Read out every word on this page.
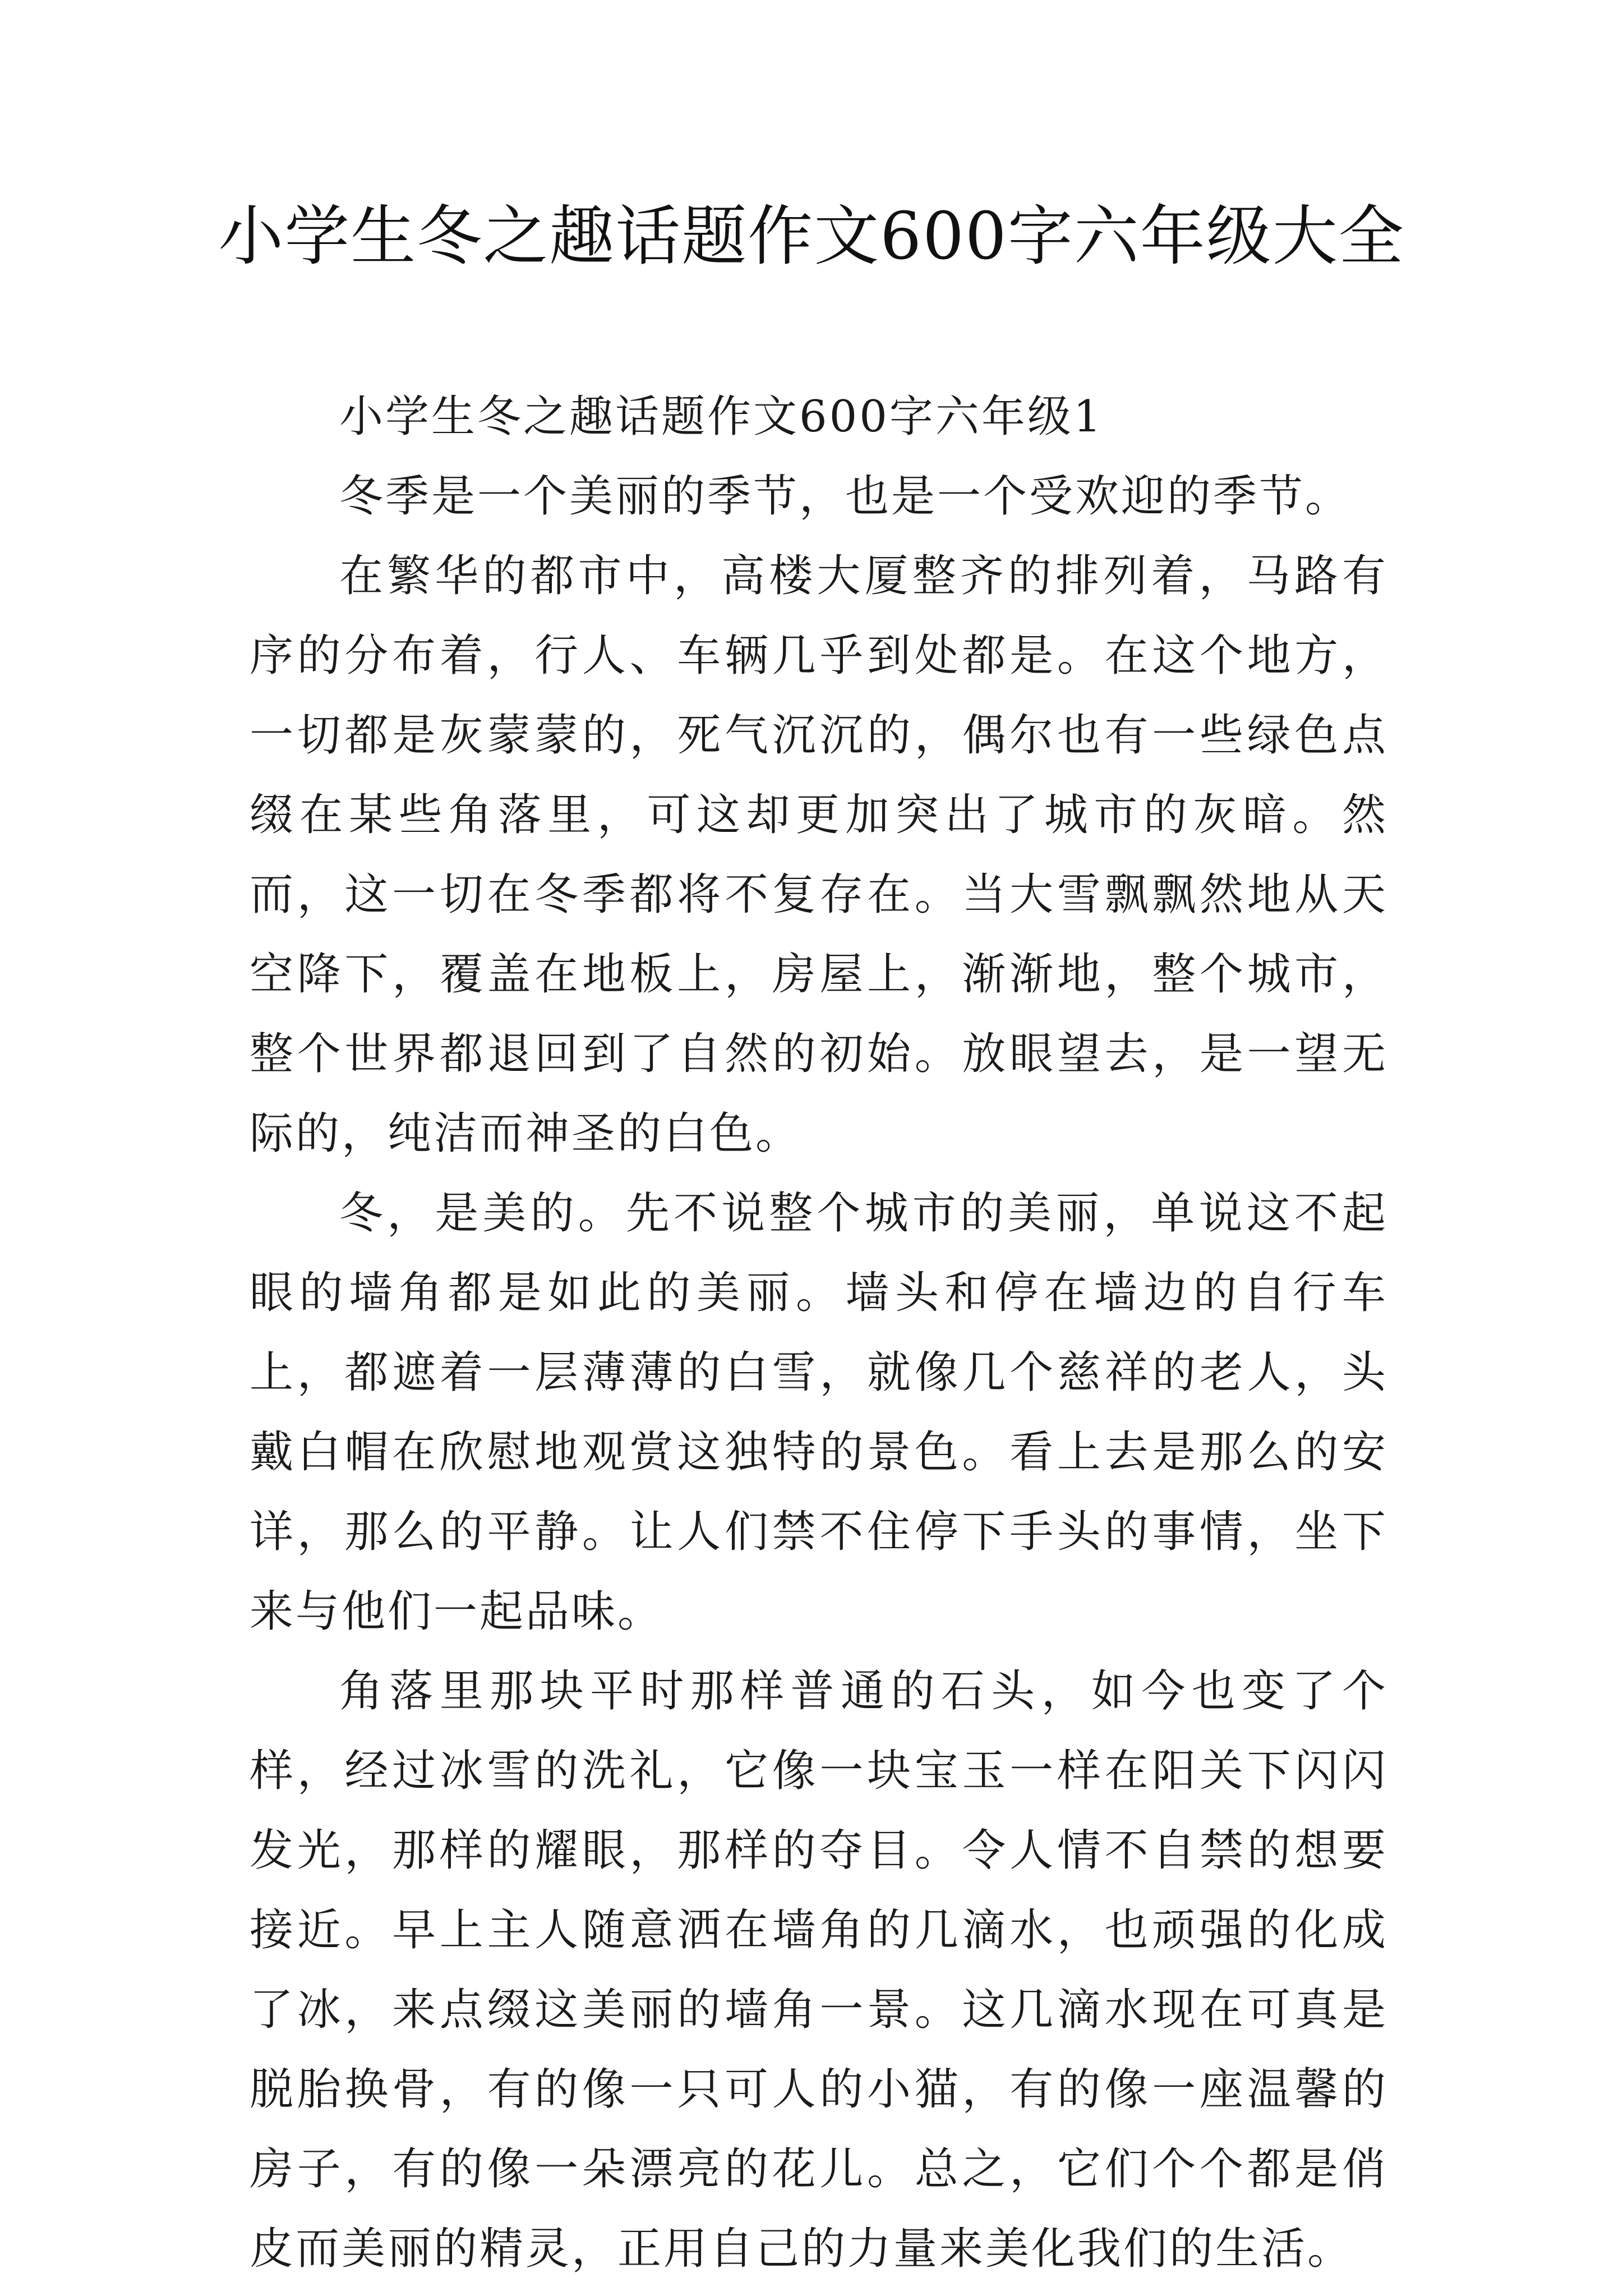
小学生冬之趣话题作文600字六年级大全

小学生冬之趣话题作文600字六年级1

冬季是一个美丽的季节，也是一个受欢迎的季节。

在繁华的都市中，高楼大厦整齐的排列着，马路有序的分布着，行人、车辆几乎到处都是。在这个地方，一切都是灰蒙蒙的，死气沉沉的，偶尔也有一些绿色点缀在某些角落里，可这却更加突出了城市的灰暗。然而，这一切在冬季都将不复存在。当大雪飘飘然地从天空降下，覆盖在地板上，房屋上，渐渐地，整个城市，整个世界都退回到了自然的初始。放眼望去，是一望无际的，纯洁而神圣的白色。

冬，是美的。先不说整个城市的美丽，单说这不起眼的墙角都是如此的美丽。墙头和停在墙边的自行车上，都遮着一层薄薄的白雪，就像几个慈祥的老人，头戴白帽在欣慰地观赏这独特的景色。看上去是那么的安详，那么的平静。让人们禁不住停下手头的事情，坐下来与他们一起品味。

角落里那块平时那样普通的石头，如今也变了个样，经过冰雪的洗礼，它像一块宝玉一样在阳关下闪闪发光，那样的耀眼，那样的夺目。令人情不自禁的想要接近。早上主人随意洒在墙角的几滴水，也顽强的化成了冰，来点缀这美丽的墙角一景。这几滴水现在可真是脱胎换骨，有的像一只可人的小猫，有的像一座温馨的房子，有的像一朵漂亮的花儿。总之，它们个个都是俏皮而美丽的精灵，正用自己的力量来美化我们的生活。
